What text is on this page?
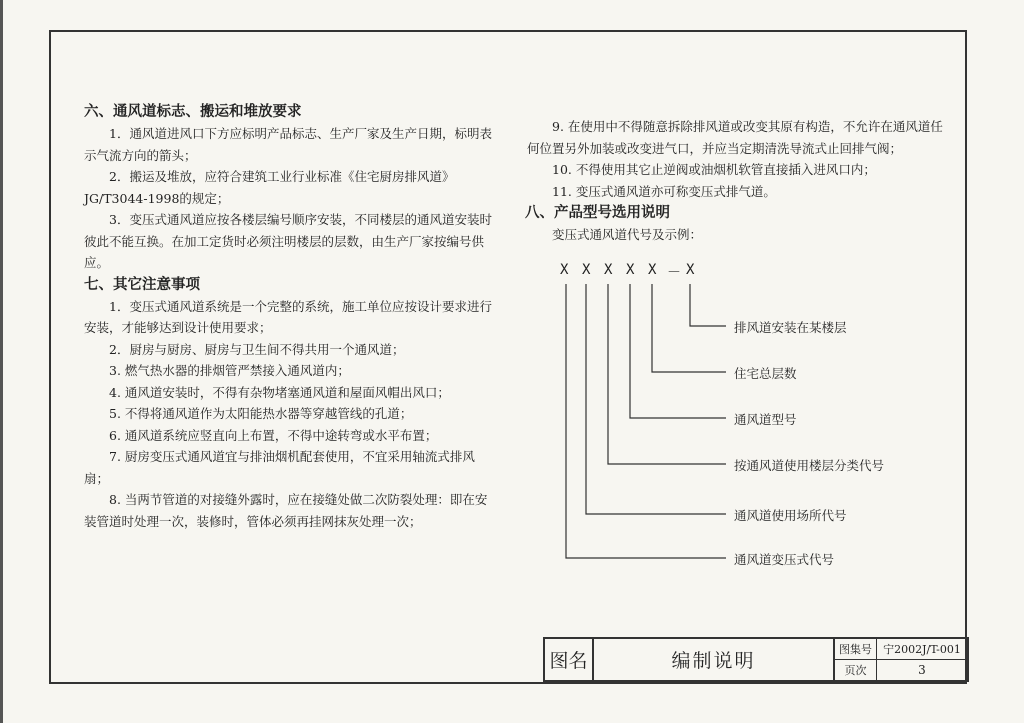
六、通风道标志、搬运和堆放要求

1．通风道进风口下方应标明产品标志、生产厂家及生产日期，标明表示气流方向的箭头；

2．搬运及堆放，应符合建筑工业行业标准《住宅厨房排风道》JG/T3044-1998的规定；

3．变压式通风道应按各楼层编号顺序安装，不同楼层的通风道安装时彼此不能互换。在加工定货时必须注明楼层的层数，由生产厂家按编号供应。

七、其它注意事项

1．变压式通风道系统是一个完整的系统，施工单位应按设计要求进行安装，才能够达到设计使用要求；

2．厨房与厨房、厨房与卫生间不得共用一个通风道；

3. 燃气热水器的排烟管严禁接入通风道内；

4. 通风道安装时，不得有杂物堵塞通风道和屋面风帽出风口；

5. 不得将通风道作为太阳能热水器等穿越管线的孔道；

6. 通风道系统应竖直向上布置，不得中途转弯或水平布置；

7. 厨房变压式通风道宜与排油烟机配套使用，不宜采用轴流式排风扇；

8. 当两节管道的对接缝外露时，应在接缝处做二次防裂处理：即在安装管道时处理一次，装修时，管体必须再挂网抹灰处理一次；

9. 在使用中不得随意拆除排风道或改变其原有构造，不允许在通风道任何位置另外加装或改变进气口，并应当定期清洗导流式止回排气阀；

10. 不得使用其它止逆阀或油烟机软管直接插入进风口内；

11. 变压式通风道亦可称变压式排气道。

八、产品型号选用说明

变压式通风道代号及示例：

X X X X X － X
排风道安装在某楼层
住宅总层数
通风道型号
按通风道使用楼层分类代号
通风道使用场所代号
通风道变压式代号
图名	编制说明
图集号	宁2002J/T-001
页次	3
